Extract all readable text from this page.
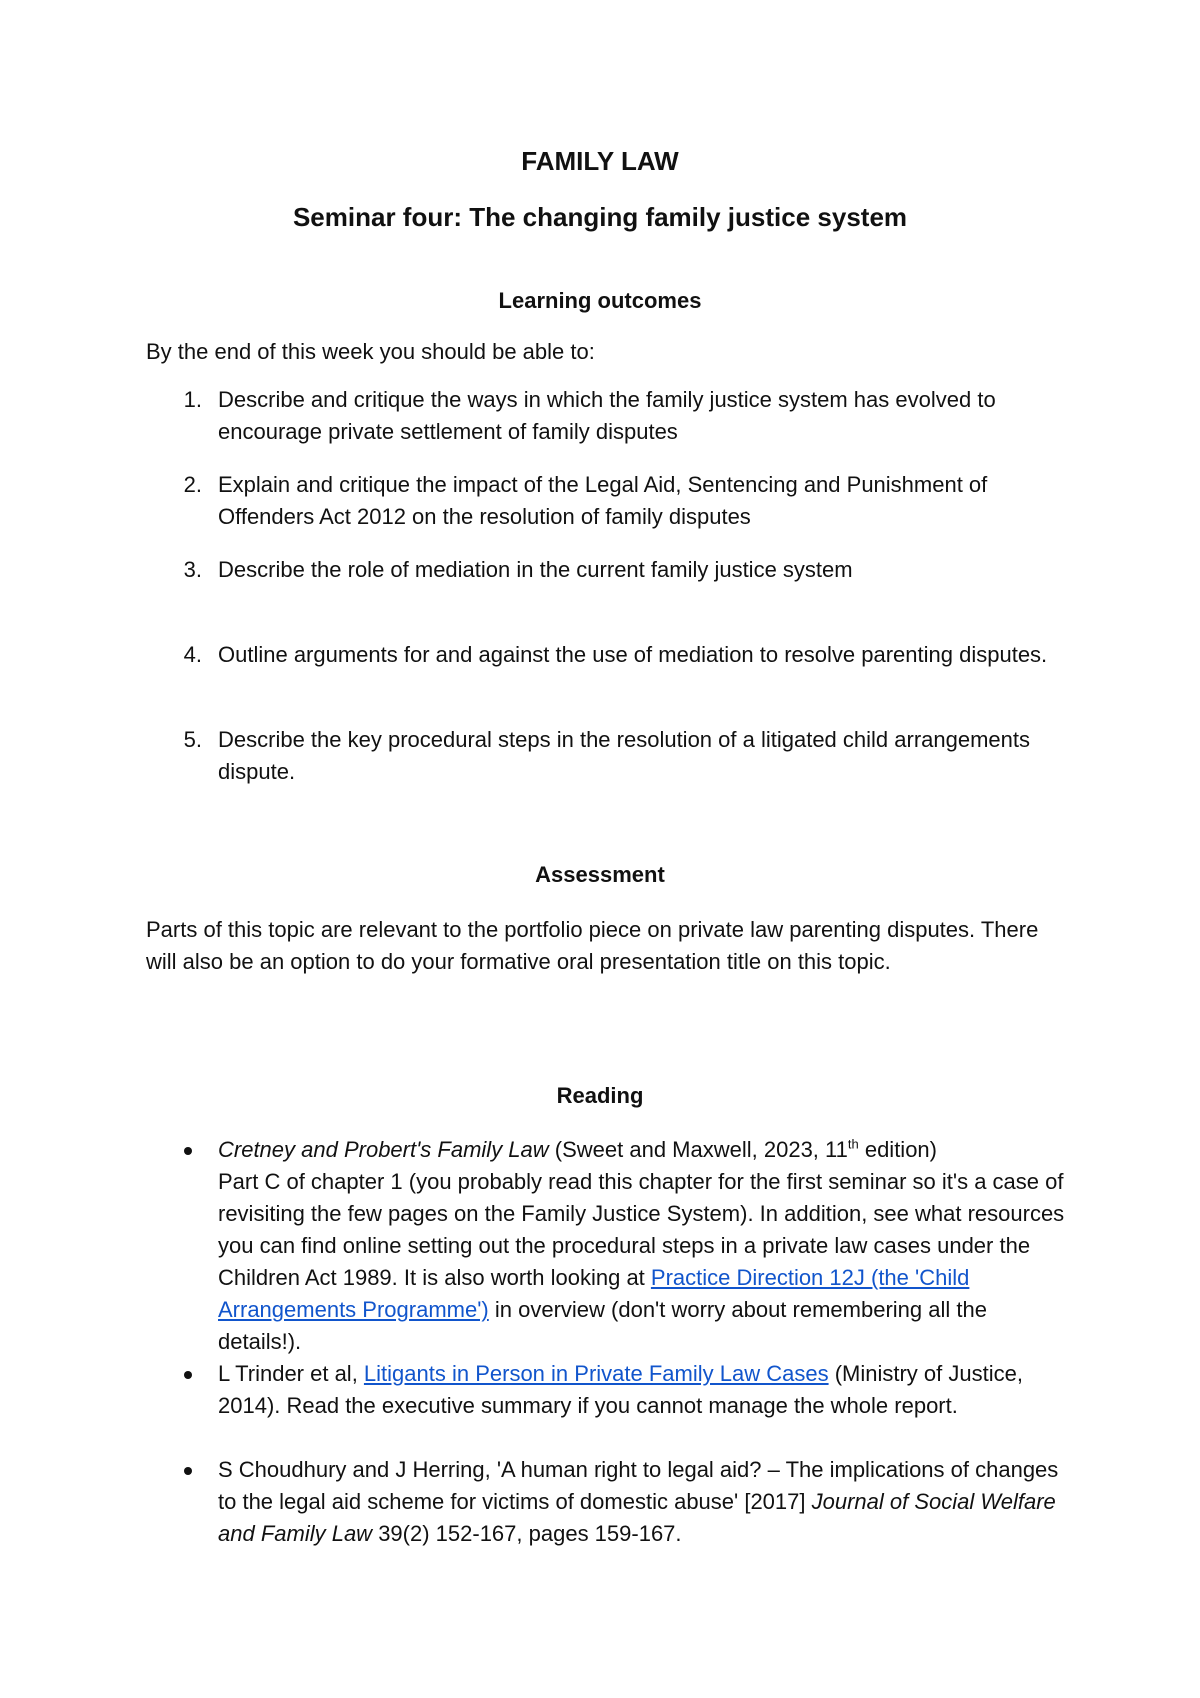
FAMILY LAW
Seminar four: The changing family justice system
Learning outcomes
By the end of this week you should be able to:
1. Describe and critique the ways in which the family justice system has evolved to encourage private settlement of family disputes
2. Explain and critique the impact of the Legal Aid, Sentencing and Punishment of Offenders Act 2012 on the resolution of family disputes
3. Describe the role of mediation in the current family justice system
4. Outline arguments for and against the use of mediation to resolve parenting disputes.
5. Describe the key procedural steps in the resolution of a litigated child arrangements dispute.
Assessment
Parts of this topic are relevant to the portfolio piece on private law parenting disputes. There will also be an option to do your formative oral presentation title on this topic.
Reading
Cretney and Probert's Family Law (Sweet and Maxwell, 2023, 11th edition)
Part C of chapter 1 (you probably read this chapter for the first seminar so it's a case of revisiting the few pages on the Family Justice System). In addition, see what resources you can find online setting out the procedural steps in a private law cases under the Children Act 1989. It is also worth looking at Practice Direction 12J (the 'Child Arrangements Programme') in overview (don't worry about remembering all the details!).
L Trinder et al, Litigants in Person in Private Family Law Cases (Ministry of Justice, 2014). Read the executive summary if you cannot manage the whole report.
S Choudhury and J Herring, 'A human right to legal aid? – The implications of changes to the legal aid scheme for victims of domestic abuse' [2017] Journal of Social Welfare and Family Law 39(2) 152-167, pages 159-167.
